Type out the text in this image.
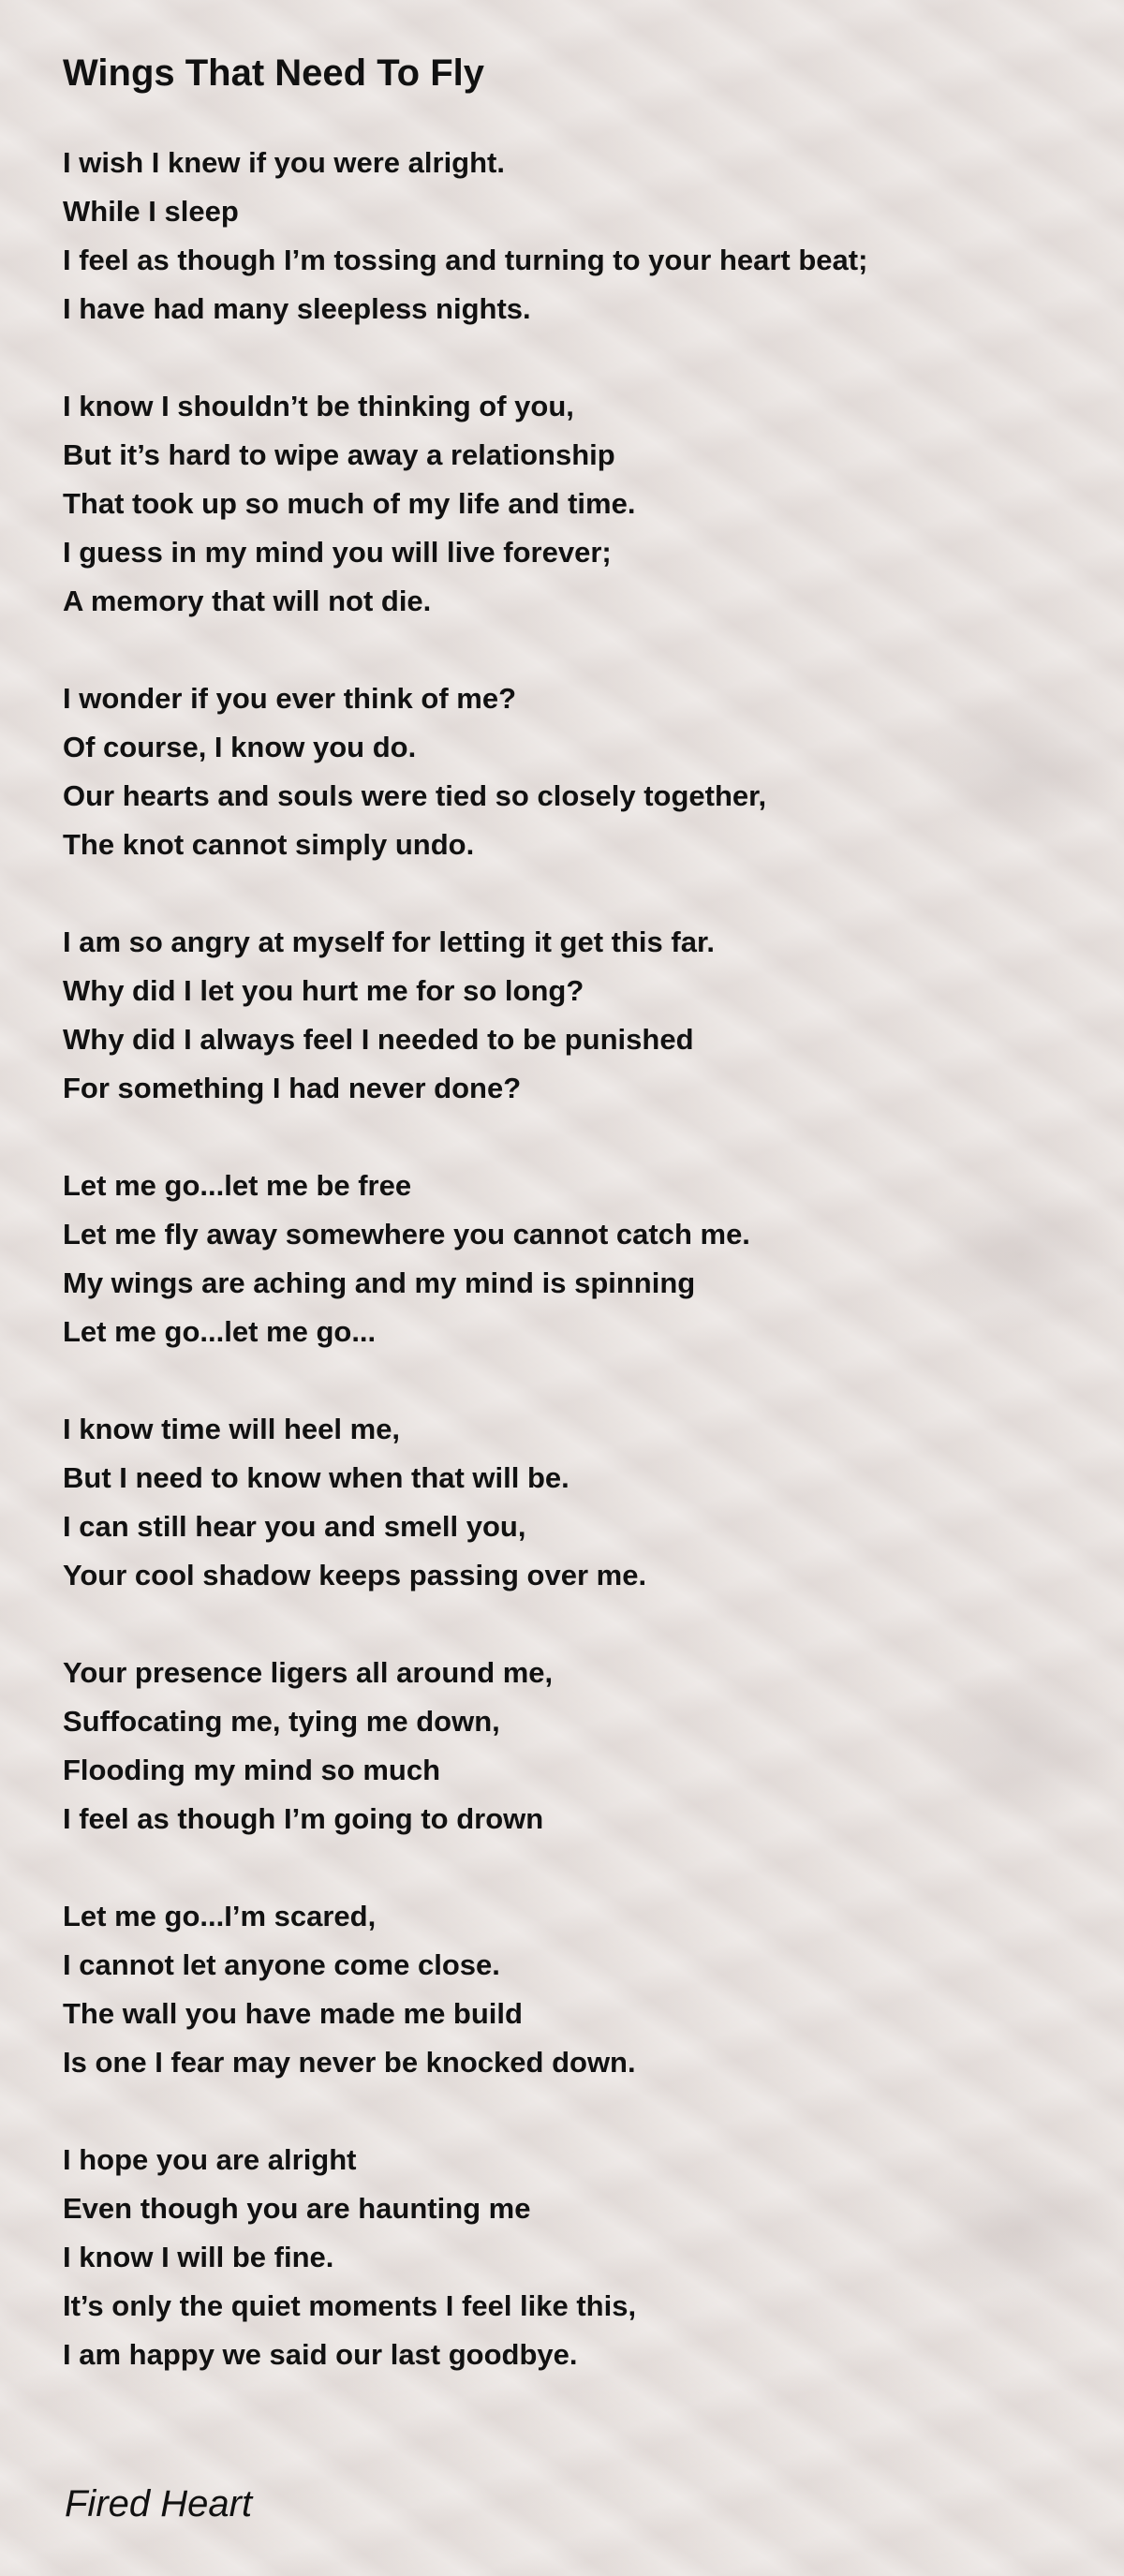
Wings That Need To Fly
I wish I knew if you were alright.
While I sleep
I feel as though I’m tossing and turning to your heart beat;
I have had many sleepless nights.
I know I shouldn’t be thinking of you,
But it’s hard to wipe away a relationship
That took up so much of my life and time.
I guess in my mind you will live forever;
A memory that will not die.
I wonder if you ever think of me?
Of course, I know you do.
Our hearts and souls were tied so closely together,
The knot cannot simply undo.
I am so angry at myself for letting it get this far.
Why did I let you hurt me for so long?
Why did I always feel I needed to be punished
For something I had never done?
Let me go...let me be free
Let me fly away somewhere you cannot catch me.
My wings are aching and my mind is spinning
Let me go...let me go...
I know time will heel me,
But I need to know when that will be.
I can still hear you and smell you,
Your cool shadow keeps passing over me.
Your presence ligers all around me,
Suffocating me, tying me down,
Flooding my mind so much
I feel as though I’m going to drown
Let me go...I’m scared,
I cannot let anyone come close.
The wall you have made me build
Is one I fear may never be knocked down.
I hope you are alright
Even though you are haunting me
I know I will be fine.
It’s only the quiet moments I feel like this,
I am happy we said our last goodbye.
Fired Heart
